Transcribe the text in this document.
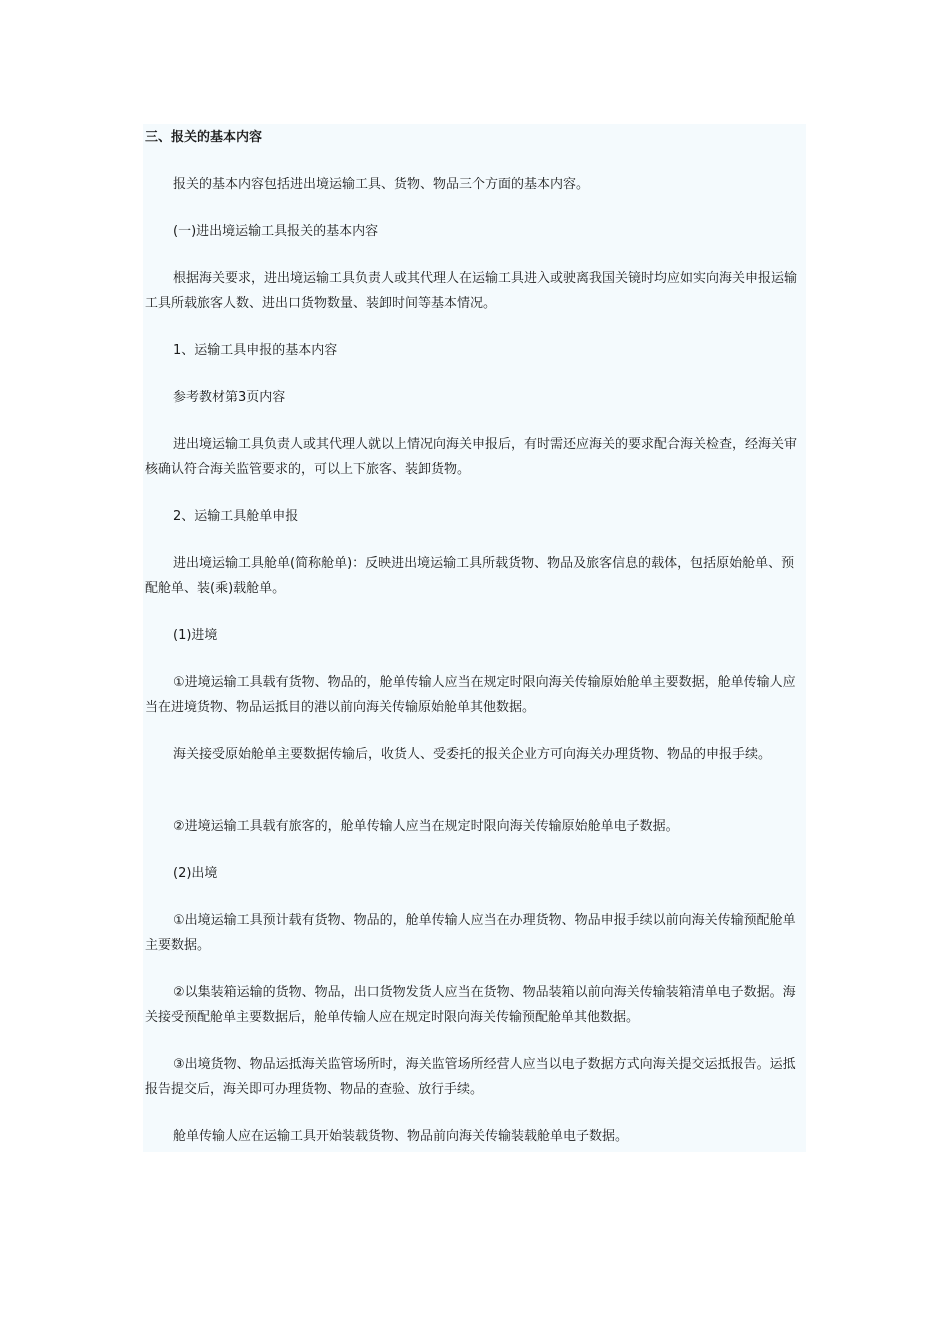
三、报关的基本内容

报关的基本内容包括进出境运输工具、货物、物品三个方面的基本内容。

(一)进出境运输工具报关的基本内容

根据海关要求，进出境运输工具负责人或其代理人在运输工具进入或驶离我国关镜时均应如实向海关申报运输工具所载旅客人数、进出口货物数量、装卸时间等基本情况。

1、运输工具申报的基本内容

参考教材第3页内容

进出境运输工具负责人或其代理人就以上情况向海关申报后，有时需还应海关的要求配合海关检查，经海关审核确认符合海关监管要求的，可以上下旅客、装卸货物。

2、运输工具舱单申报

进出境运输工具舱单(简称舱单)：反映进出境运输工具所载货物、物品及旅客信息的载体，包括原始舱单、预配舱单、装(乘)载舱单。

(1)进境

①进境运输工具载有货物、物品的，舱单传输人应当在规定时限向海关传输原始舱单主要数据，舱单传输人应当在进境货物、物品运抵目的港以前向海关传输原始舱单其他数据。

海关接受原始舱单主要数据传输后，收货人、受委托的报关企业方可向海关办理货物、物品的申报手续。

②进境运输工具载有旅客的，舱单传输人应当在规定时限向海关传输原始舱单电子数据。

(2)出境

①出境运输工具预计载有货物、物品的，舱单传输人应当在办理货物、物品申报手续以前向海关传输预配舱单主要数据。

②以集装箱运输的货物、物品，出口货物发货人应当在货物、物品装箱以前向海关传输装箱清单电子数据。海关接受预配舱单主要数据后，舱单传输人应在规定时限向海关传输预配舱单其他数据。

③出境货物、物品运抵海关监管场所时，海关监管场所经营人应当以电子数据方式向海关提交运抵报告。运抵报告提交后，海关即可办理货物、物品的查验、放行手续。

舱单传输人应在运输工具开始装载货物、物品前向海关传输装载舱单电子数据。
